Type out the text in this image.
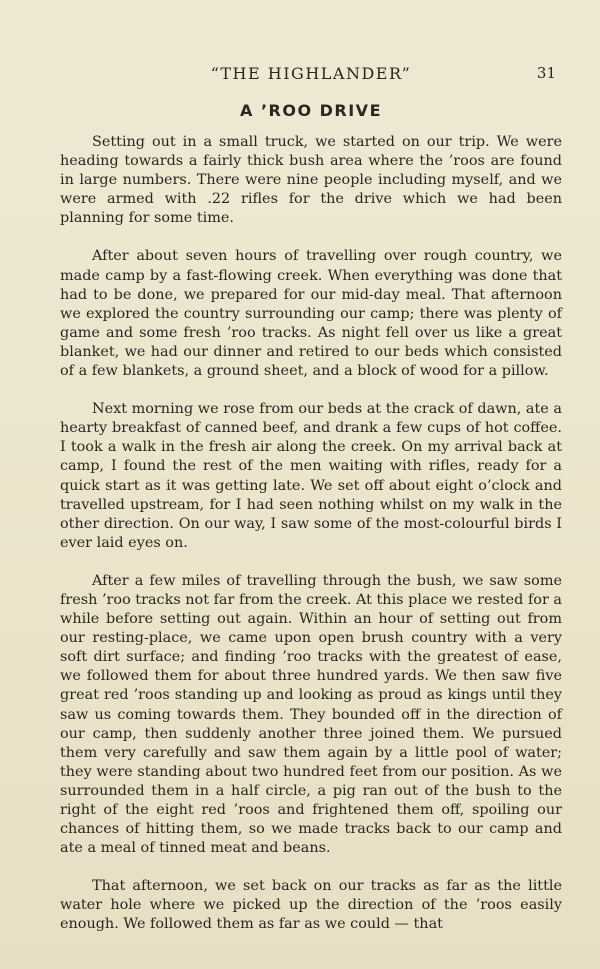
“THE HIGHLANDER”	31
A ’ROO DRIVE

Setting out in a small truck, we started on our trip. We were heading towards a fairly thick bush area where the ’roos are found in large numbers. There were nine people including myself, and we were armed with .22 rifles for the drive which we had been planning for some time.

After about seven hours of travelling over rough country, we made camp by a fast-flowing creek. When everything was done that had to be done, we prepared for our mid-day meal. That afternoon we explored the country surrounding our camp; there was plenty of game and some fresh ’roo tracks. As night fell over us like a great blanket, we had our dinner and retired to our beds which consisted of a few blankets, a ground sheet, and a block of wood for a pillow.

Next morning we rose from our beds at the crack of dawn, ate a hearty breakfast of canned beef, and drank a few cups of hot coffee. I took a walk in the fresh air along the creek. On my arrival back at camp, I found the rest of the men waiting with rifles, ready for a quick start as it was getting late. We set off about eight o’clock and travelled upstream, for I had seen nothing whilst on my walk in the other direction. On our way, I saw some of the most-colourful birds I ever laid eyes on.

After a few miles of travelling through the bush, we saw some fresh ’roo tracks not far from the creek. At this place we rested for a while before setting out again. Within an hour of setting out from our resting-place, we came upon open brush country with a very soft dirt surface; and finding ’roo tracks with the greatest of ease, we followed them for about three hundred yards. We then saw five great red ’roos standing up and looking as proud as kings until they saw us coming towards them. They bounded off in the direction of our camp, then suddenly another three joined them. We pursued them very carefully and saw them again by a little pool of water; they were standing about two hundred feet from our position. As we surrounded them in a half circle, a pig ran out of the bush to the right of the eight red ’roos and frightened them off, spoiling our chances of hitting them, so we made tracks back to our camp and ate a meal of tinned meat and beans.

That afternoon, we set back on our tracks as far as the little water hole where we picked up the direction of the ’roos easily enough. We followed them as far as we could — that
